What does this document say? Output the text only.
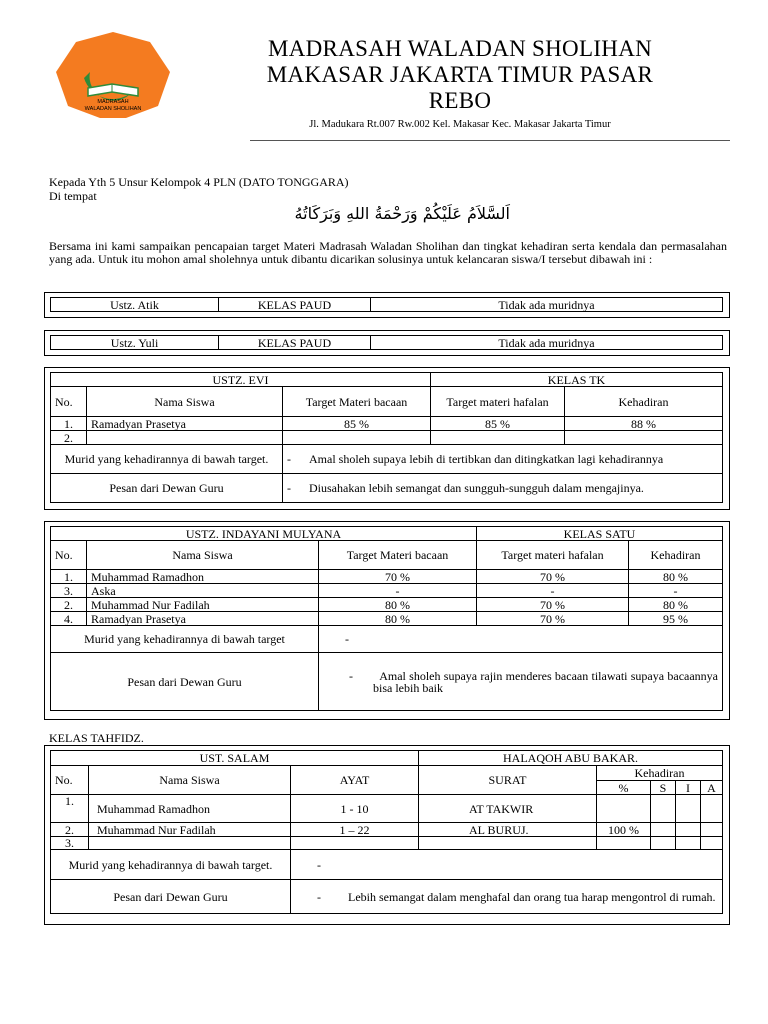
MADRASAH
WALADAN SHOLIHAN
MADRASAH WALADAN SHOLIHAN
MAKASAR JAKARTA TIMUR PASAR
REBO
Jl. Madukara Rt.007 Rw.002 Kel. Makasar Kec. Makasar Jakarta Timur
Kepada Yth 5 Unsur Kelompok 4 PLN (DATO TONGGARA)
Di tempat
اَلسَّلاَمُ عَلَيْكُمْ وَرَحْمَةُ اللهِ وَبَرَكَاتُهُ
Bersama ini kami sampaikan pencapaian target Materi Madrasah Waladan Sholihan dan tingkat kehadiran serta kendala dan permasalahan yang ada. Untuk itu mohon amal sholehnya untuk dibantu dicarikan solusinya untuk kelancaran siswa/I tersebut dibawah ini :
Ustz. Atik	KELAS PAUD	Tidak ada muridnya
Ustz. Yuli	KELAS PAUD	Tidak ada muridnya
USTZ. EVI			KELAS TK	
No.	Nama Siswa	Target Materi bacaan	Target materi hafalan	Kehadiran
1.	Ramadyan Prasetya	85 %	85 %	88 %
2.				
Murid yang kehadirannya di bawah target.		-      Amal sholeh supaya lebih di tertibkan dan ditingkatkan lagi kehadirannya		
Pesan dari Dewan Guru		-      Diusahakan lebih semangat dan sungguh-sungguh dalam mengajinya.		
USTZ. INDAYANI MULYANA			KELAS SATU	
No.	Nama Siswa	Target Materi bacaan	Target materi hafalan	Kehadiran
1.	Muhammad Ramadhon	70 %	70 %	80 %
3.	Aska	-	-	-
2.	Muhammad Nur Fadilah	80 %	70 %	80 %
4.	Ramadyan Prasetya	80 %	70 %	95 %
Murid yang kehadirannya di bawah target		-		
Pesan dari Dewan Guru		-        Amal sholeh supaya rajin menderes bacaan tilawati supaya bacaannya bisa lebih baik		
KELAS TAHFIDZ.
UST. SALAM			HALAQOH ABU BAKAR.				
No.	Nama Siswa	AYAT	SURAT	Kehadiran			
				%	S	I	A
1.	Muhammad Ramadhon	1 - 10	AT TAKWIR				
2.	Muhammad Nur Fadilah	1 – 22	AL BURUJ.	100 %			
3.							
Murid yang kehadirannya di bawah target.		-					
Pesan dari Dewan Guru		-         Lebih semangat dalam menghafal dan orang tua harap mengontrol di rumah.					
